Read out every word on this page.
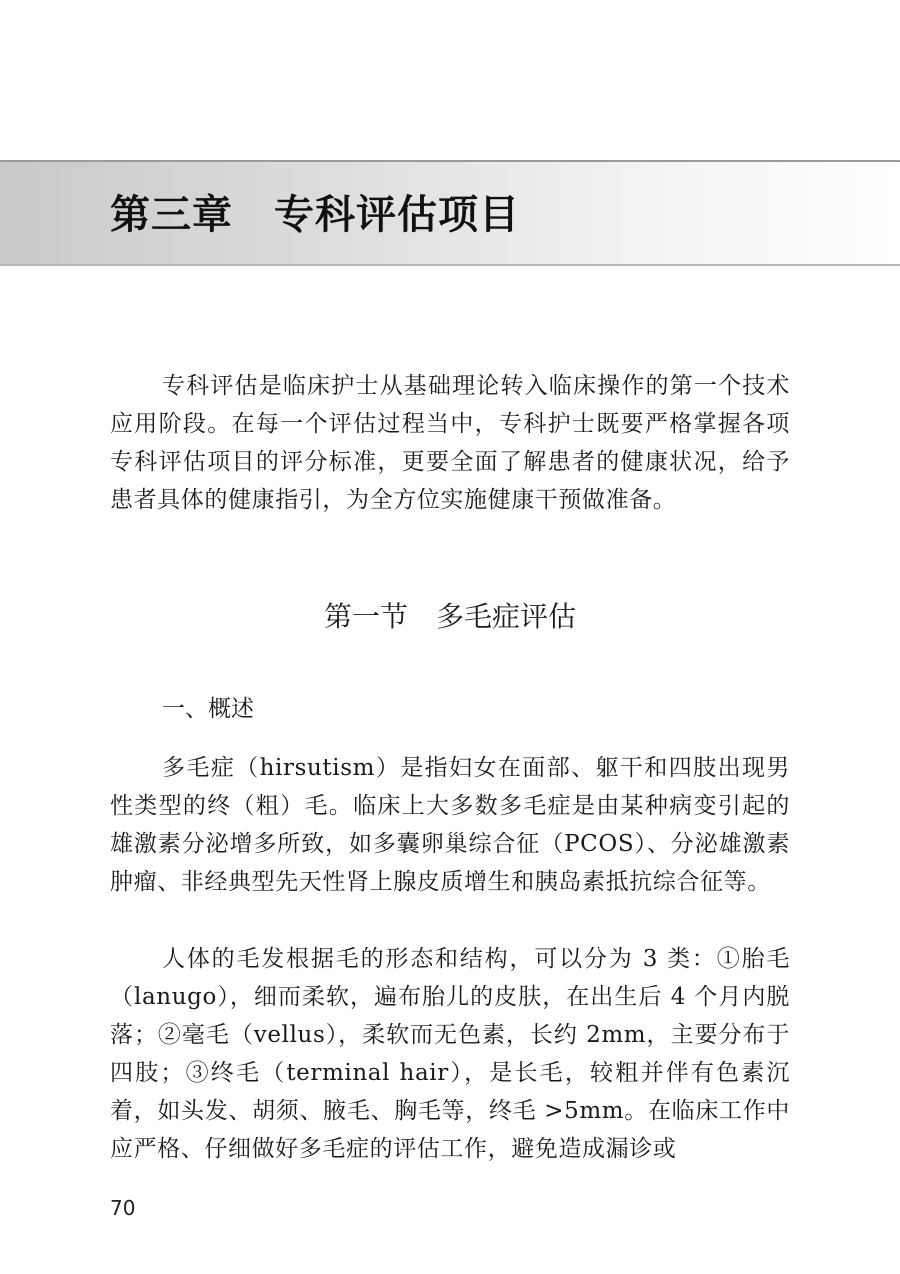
第三章　专科评估项目

专科评估是临床护士从基础理论转入临床操作的第一个技术应用阶段。在每一个评估过程当中，专科护士既要严格掌握各项专科评估项目的评分标准，更要全面了解患者的健康状况，给予患者具体的健康指引，为全方位实施健康干预做准备。

第一节　多毛症评估
一、概述

多毛症（hirsutism）是指妇女在面部、躯干和四肢出现男性类型的终（粗）毛。临床上大多数多毛症是由某种病变引起的雄激素分泌增多所致，如多囊卵巢综合征（PCOS）、分泌雄激素肿瘤、非经典型先天性肾上腺皮质增生和胰岛素抵抗综合征等。

人体的毛发根据毛的形态和结构，可以分为 3 类：①胎毛（lanugo），细而柔软，遍布胎儿的皮肤，在出生后 4 个月内脱落；②毫毛（vellus），柔软而无色素，长约 2mm，主要分布于四肢；③终毛（terminal hair），是长毛，较粗并伴有色素沉着，如头发、胡须、腋毛、胸毛等，终毛 >5mm。在临床工作中应严格、仔细做好多毛症的评估工作，避免造成漏诊或

70
